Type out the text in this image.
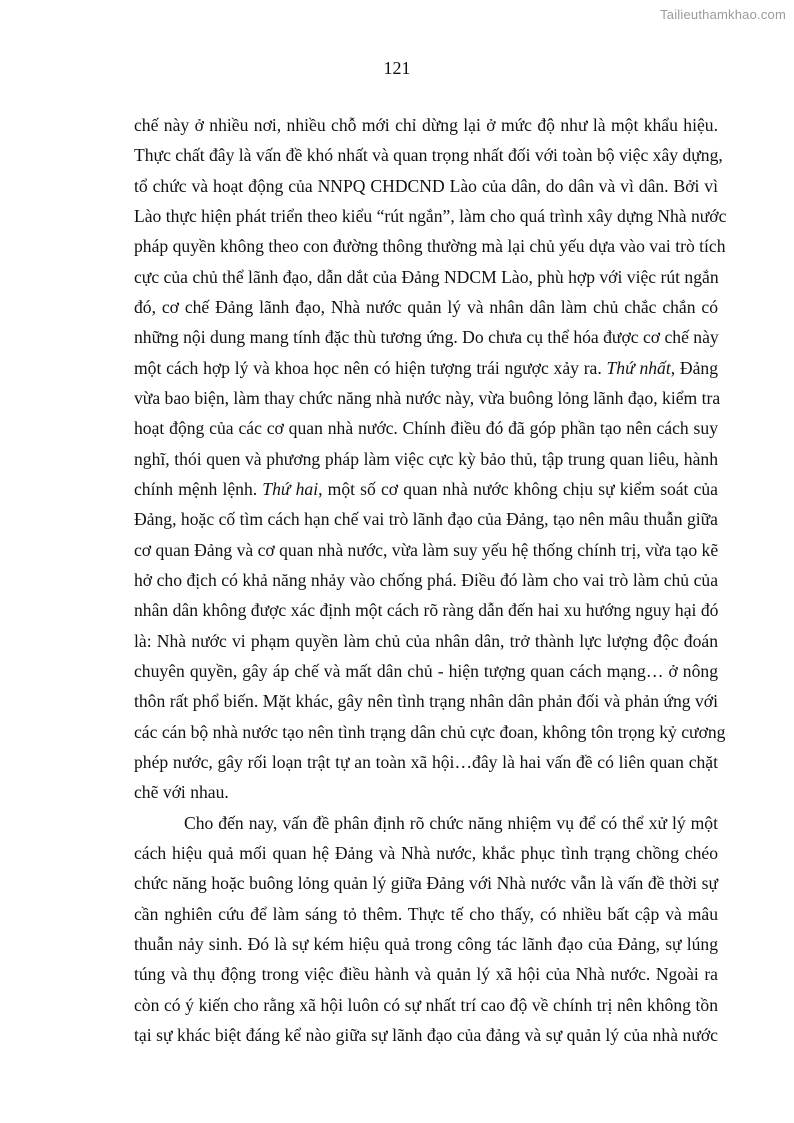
Tailieuthamkhao.com
121
chế này ở nhiều nơi, nhiều chỗ mới chỉ dừng lại ở mức độ như là một khẩu hiệu.
Thực chất đây là vấn đề khó nhất và quan trọng nhất đối với toàn bộ việc xây dựng,
tổ chức và hoạt động của NNPQ CHDCND Lào của dân, do dân và vì dân. Bởi vì
Lào thực hiện phát triển theo kiểu “rút ngắn”, làm cho quá trình xây dựng Nhà nước
pháp quyền không theo con đường thông thường mà lại chủ yếu dựa vào vai trò tích
cực của chủ thể lãnh đạo, dẫn dắt của Đảng NDCM Lào, phù hợp với việc rút ngắn
đó, cơ chế Đảng lãnh đạo, Nhà nước quản lý và nhân dân làm chủ chắc chắn có
những nội dung mang tính đặc thù tương ứng. Do chưa cụ thể hóa được cơ chế này
một cách hợp lý và khoa học nên có hiện tượng trái ngược xảy ra. Thứ nhất, Đảng
vừa bao biện, làm thay chức năng nhà nước này, vừa buông lỏng lãnh đạo, kiểm tra
hoạt động của các cơ quan nhà nước. Chính điều đó đã góp phần tạo nên cách suy
nghĩ, thói quen và phương pháp làm việc cực kỳ bảo thủ, tập trung quan liêu, hành
chính mệnh lệnh. Thứ hai, một số cơ quan nhà nước không chịu sự kiểm soát của
Đảng, hoặc cố tìm cách hạn chế vai trò lãnh đạo của Đảng, tạo nên mâu thuẫn giữa
cơ quan Đảng và cơ quan nhà nước, vừa làm suy yếu hệ thống chính trị, vừa tạo kẽ
hở cho địch có khả năng nhảy vào chống phá. Điều đó làm cho vai trò làm chủ của
nhân dân không được xác định một cách rõ ràng dẫn đến hai xu hướng nguy hại đó
là: Nhà nước vi phạm quyền làm chủ của nhân dân, trở thành lực lượng độc đoán
chuyên quyền, gây áp chế và mất dân chủ - hiện tượng quan cách mạng… ở nông
thôn rất phổ biến. Mặt khác, gây nên tình trạng nhân dân phản đối và phản ứng với
các cán bộ nhà nước tạo nên tình trạng dân chủ cực đoan, không tôn trọng kỷ cương
phép nước, gây rối loạn trật tự an toàn xã hội…đây là hai vấn đề có liên quan chặt
chẽ với nhau.
Cho đến nay, vấn đề phân định rõ chức năng nhiệm vụ để có thể xử lý một
cách hiệu quả mối quan hệ Đảng và Nhà nước, khắc phục tình trạng chồng chéo
chức năng hoặc buông lỏng quản lý giữa Đảng với Nhà nước vẫn là vấn đề thời sự
cần nghiên cứu để làm sáng tỏ thêm. Thực tế cho thấy, có nhiều bất cập và mâu
thuẫn nảy sinh. Đó là sự kém hiệu quả trong công tác lãnh đạo của Đảng, sự lúng
túng và thụ động trong việc điều hành và quản lý xã hội của Nhà nước. Ngoài ra
còn có ý kiến cho rằng xã hội luôn có sự nhất trí cao độ về chính trị nên không tồn
tại sự khác biệt đáng kể nào giữa sự lãnh đạo của đảng và sự quản lý của nhà nước
